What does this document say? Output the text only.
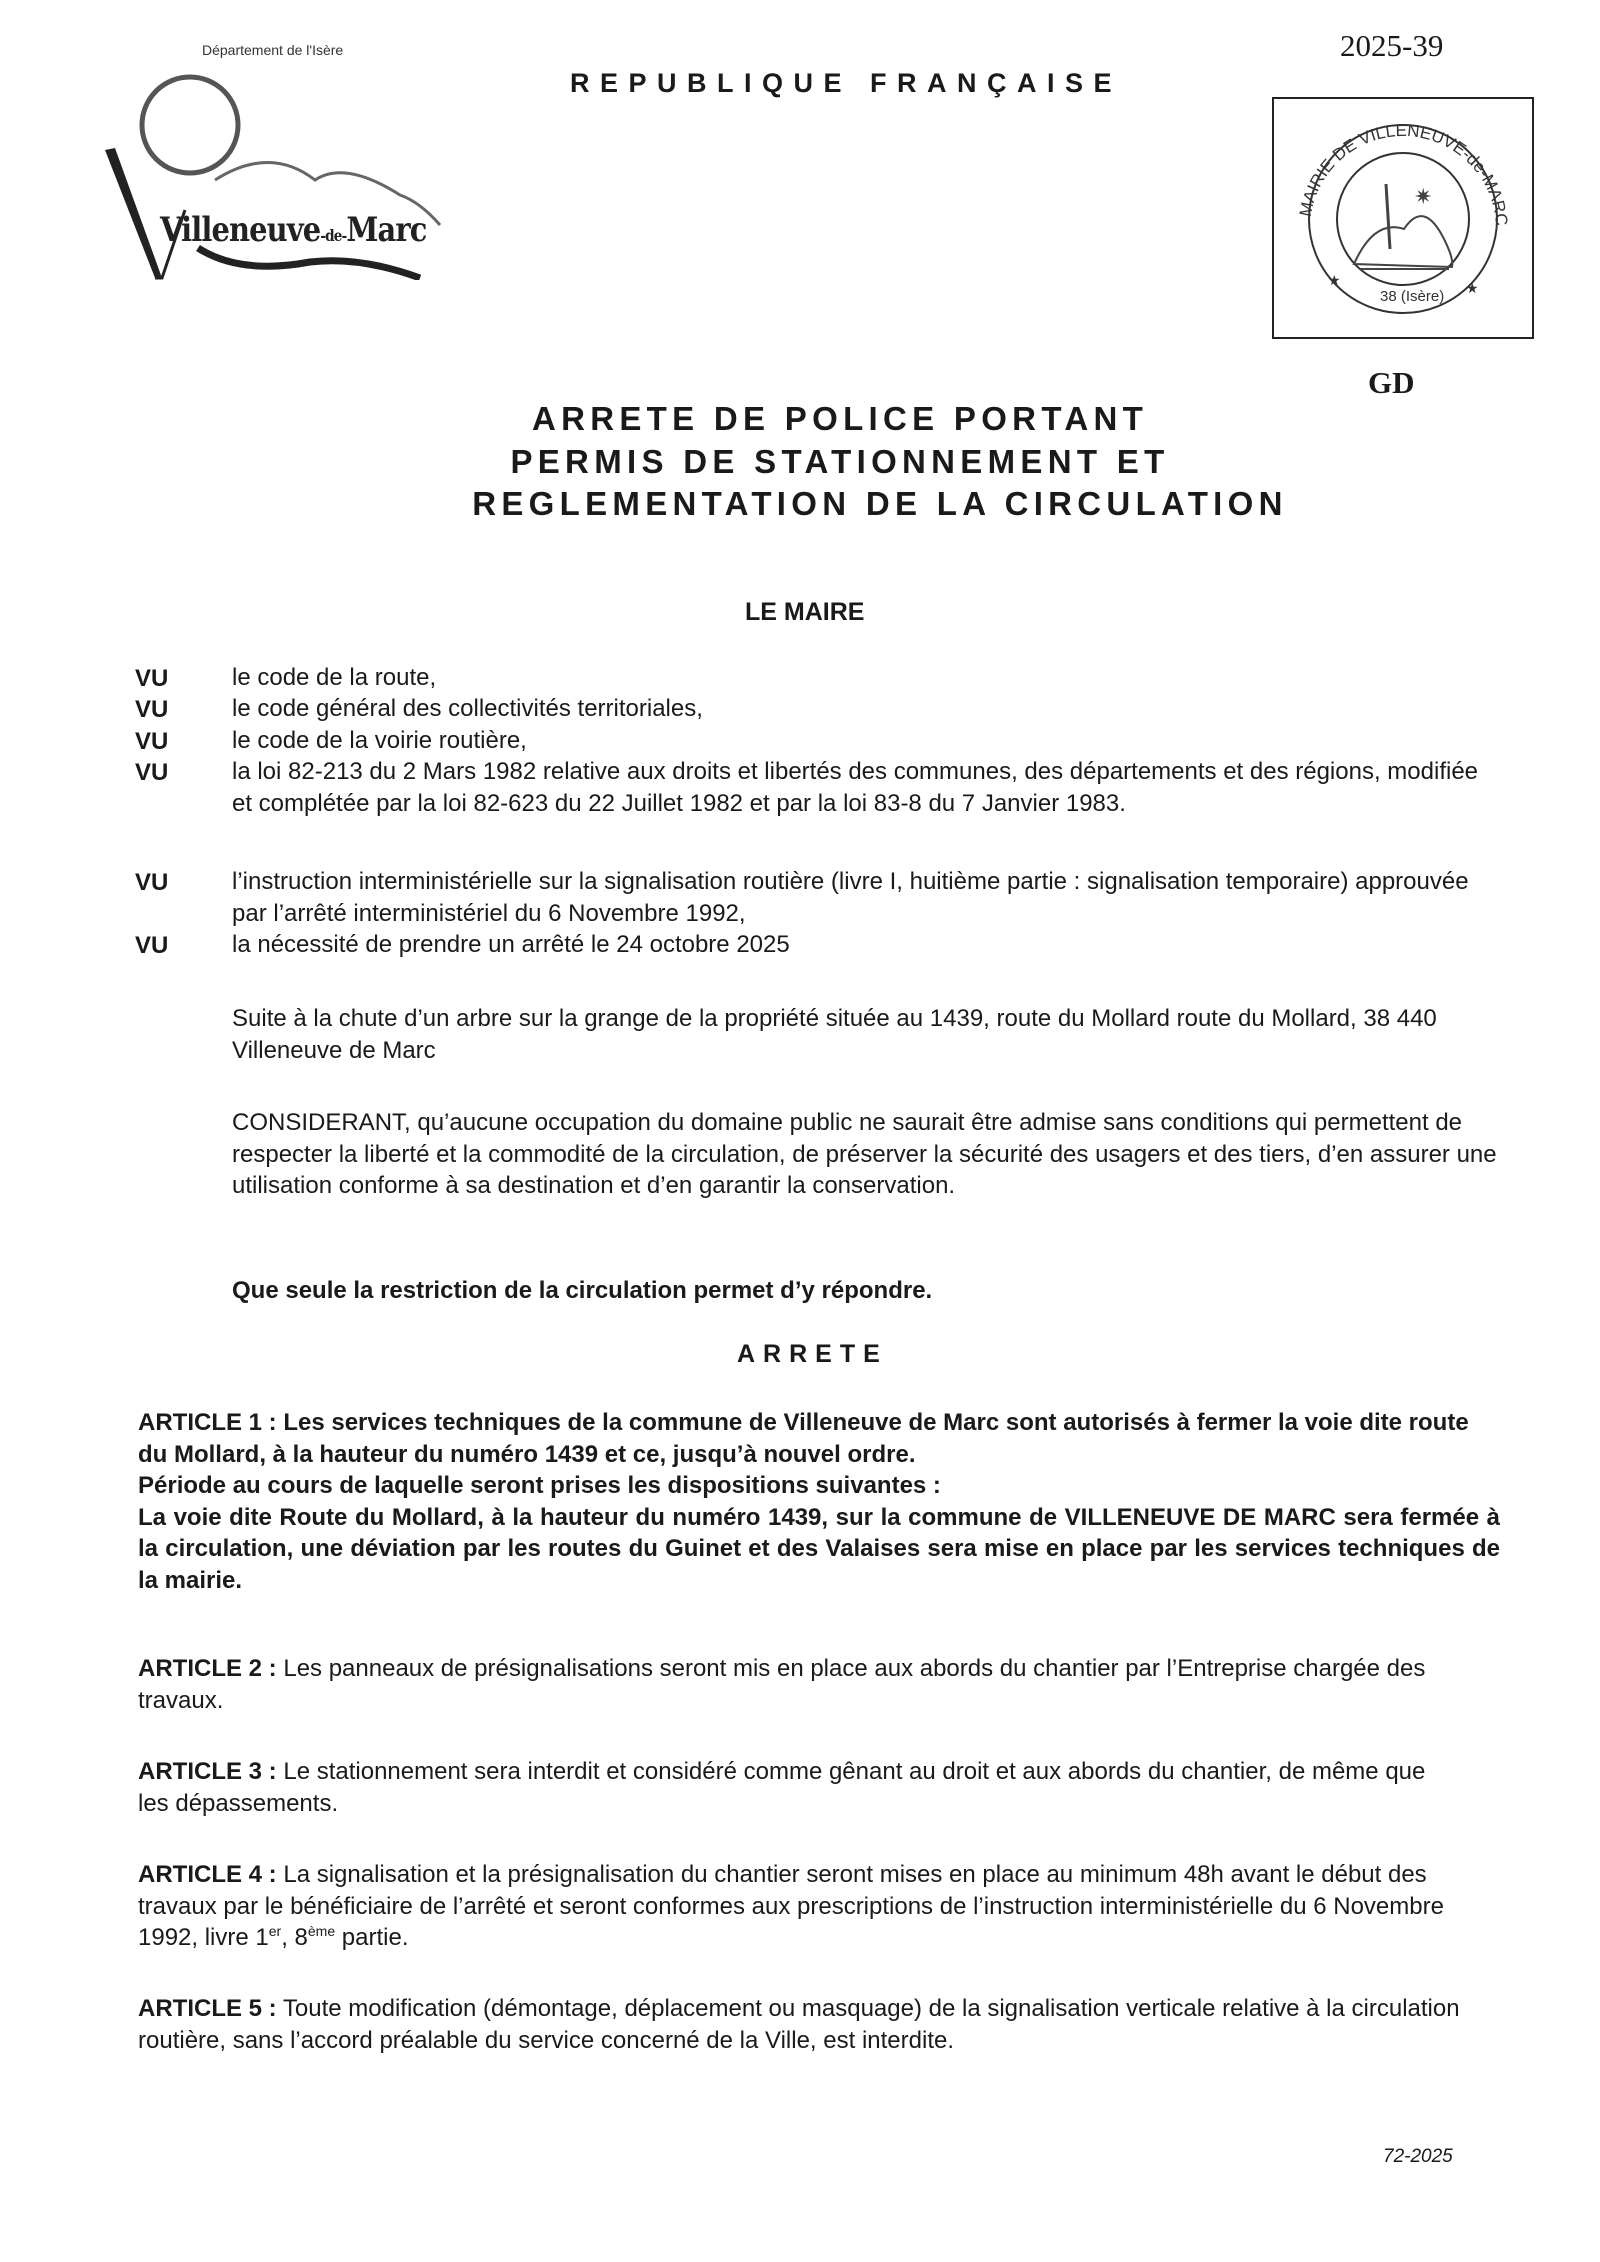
Département de l'Isère
Villeneuve-de-Marc
REPUBLIQUE FRANÇAISE
2025-39
MAIRIE DE VILLENEUVE-de-MARC
38 (Isère)
★	★
✷
GD
ARRETE DE POLICE PORTANT
PERMIS DE STATIONNEMENT ET
REGLEMENTATION DE LA CIRCULATION
LE MAIRE
VU	le code de la route,
VU	le code général des collectivités territoriales,
VU	le code de la voirie routière,
VU	la loi 82-213 du 2 Mars 1982 relative aux droits et libertés des communes, des départements et des régions, modifiée et complétée par la loi 82-623 du 22 Juillet 1982 et par la loi 83-8 du 7 Janvier 1983.
VU	l’instruction interministérielle sur la signalisation routière (livre I, huitième partie : signalisation temporaire) approuvée par l’arrêté interministériel du 6 Novembre 1992,
VU	la nécessité de prendre un arrêté le 24 octobre 2025
Suite à la chute d’un arbre sur la grange de la propriété située au 1439, route du Mollard route du Mollard, 38 440 Villeneuve de Marc
CONSIDERANT, qu’aucune occupation du domaine public ne saurait être admise sans conditions qui permettent de respecter la liberté et la commodité de la circulation, de préserver la sécurité des usagers et des tiers, d’en assurer une utilisation conforme à sa destination et d’en garantir la conservation.
Que seule la restriction de la circulation permet d’y répondre.
ARRETE
ARTICLE 1 : Les services techniques de la commune de Villeneuve de Marc sont autorisés à fermer la voie dite route du Mollard, à la hauteur du numéro 1439 et ce, jusqu’à nouvel ordre.
Période au cours de laquelle seront prises les dispositions suivantes :
La voie dite Route du Mollard, à la hauteur du numéro 1439, sur la commune de VILLENEUVE DE MARC sera fermée à la circulation, une déviation par les routes du Guinet et des Valaises sera mise en place par les services techniques de la mairie.
ARTICLE 2 : Les panneaux de présignalisations seront mis en place aux abords du chantier par l’Entreprise chargée des travaux.
ARTICLE 3 : Le stationnement sera interdit et considéré comme gênant au droit et aux abords du chantier, de même que les dépassements.
ARTICLE 4 : La signalisation et la présignalisation du chantier seront mises en place au minimum 48h avant le début des travaux par le bénéficiaire de l’arrêté et seront conformes aux prescriptions de l’instruction interministérielle du 6 Novembre 1992, livre 1er, 8ème partie.
ARTICLE 5 : Toute modification (démontage, déplacement ou masquage) de la signalisation verticale relative à la circulation routière, sans l’accord préalable du service concerné de la Ville, est interdite.
72-2025
